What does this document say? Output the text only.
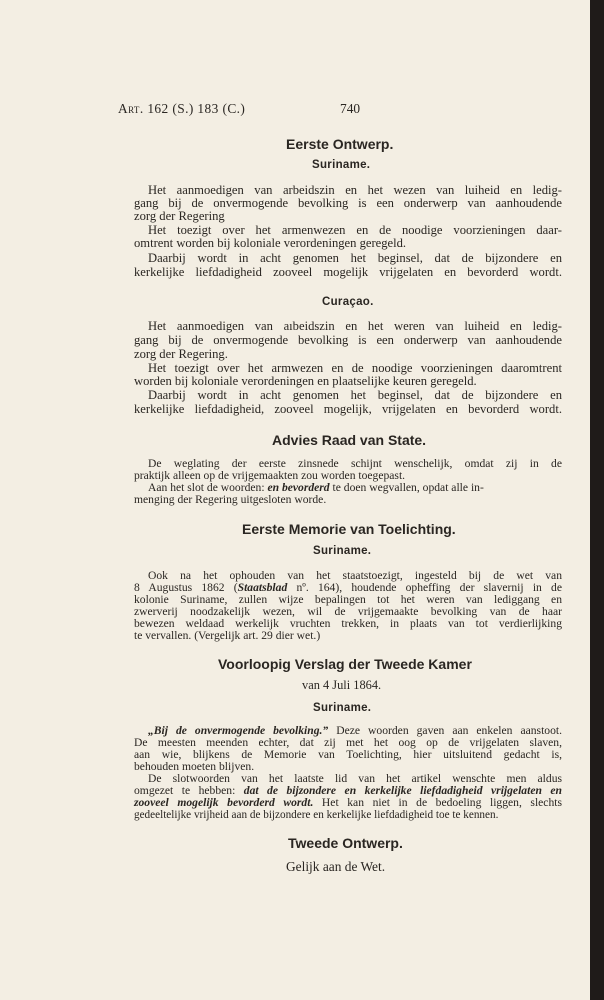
Art. 162 (S.) 183 (C.)	740
Eerste Ontwerp.
Suriname.
Het aanmoedigen van arbeidszin en het wezen van luiheid en ledig-
gang bij de onvermogende bevolking is een onderwerp van aanhoudende
zorg der Regering
Het toezigt over het armenwezen en de noodige voorzieningen daar-
omtrent worden bij koloniale verordeningen geregeld.
Daarbij wordt in acht genomen het beginsel, dat de bijzondere en
kerkelijke liefdadigheid zooveel mogelijk vrijgelaten en bevorderd wordt.
Curaçao.
Het aanmoedigen van aıbeidszin en het weren van luiheid en ledig-
gang bij de onvermogende bevolking is een onderwerp van aanhoudende
zorg der Regering.
Het toezigt over het armwezen en de noodige voorzieningen daaromtrent
worden bij koloniale verordeningen en plaatselijke keuren geregeld.
Daarbij wordt in acht genomen het beginsel, dat de bijzondere en
kerkelijke liefdadigheid, zooveel mogelijk, vrijgelaten en bevorderd wordt.
Advies Raad van State.
De weglating der eerste zinsnede schijnt wenschelijk, omdat zij in de
praktijk alleen op de vrijgemaakten zou worden toegepast.
Aan het slot de woorden: en bevorderd te doen wegvallen, opdat alle in-
menging der Regering uitgesloten worde.
Eerste Memorie van Toelichting.
Suriname.
Ook na het ophouden van het staatstoezigt, ingesteld bij de wet van
8 Augustus 1862 (Staatsblad nº. 164), houdende opheffing der slavernij in de
kolonie Suriname, zullen wijze bepalingen tot het weren van ledіggang en
zwerverij noodzakelijk wezen, wil de vrijgemaakte bevolking van de haar
bewezen weldaad werkelijk vruchten trekken, in plaats van tot verdierlijking
te vervallen. (Vergelijk art. 29 dier wet.)
Voorloopig Verslag der Tweede Kamer
van 4 Juli 1864.
Suriname.
„Bij de onvermogende bevolking.” Deze woorden gaven aan enkelen aanstoot.
De meesten meenden echter, dat zij met het oog op de vrijgelaten slaven,
aan wie, blijkens de Memorie van Toelichting, hier uitsluitend gedacht is,
behouden moeten blijven.
De slotwoorden van het laatste lid van het artikel wenschte men aldus
omgezet te hebben: dat de bijzondere en kerkelijke liefdadigheid vrijgelaten en
zooveel mogelijk bevorderd wordt. Het kan niet in de bedoeling liggen, slechts
gedeeltelijke vrijheid aan de bijzondere en kerkelijke liefdadigheid toe te kennen.
Tweede Ontwerp.
Gelijk aan de Wet.
